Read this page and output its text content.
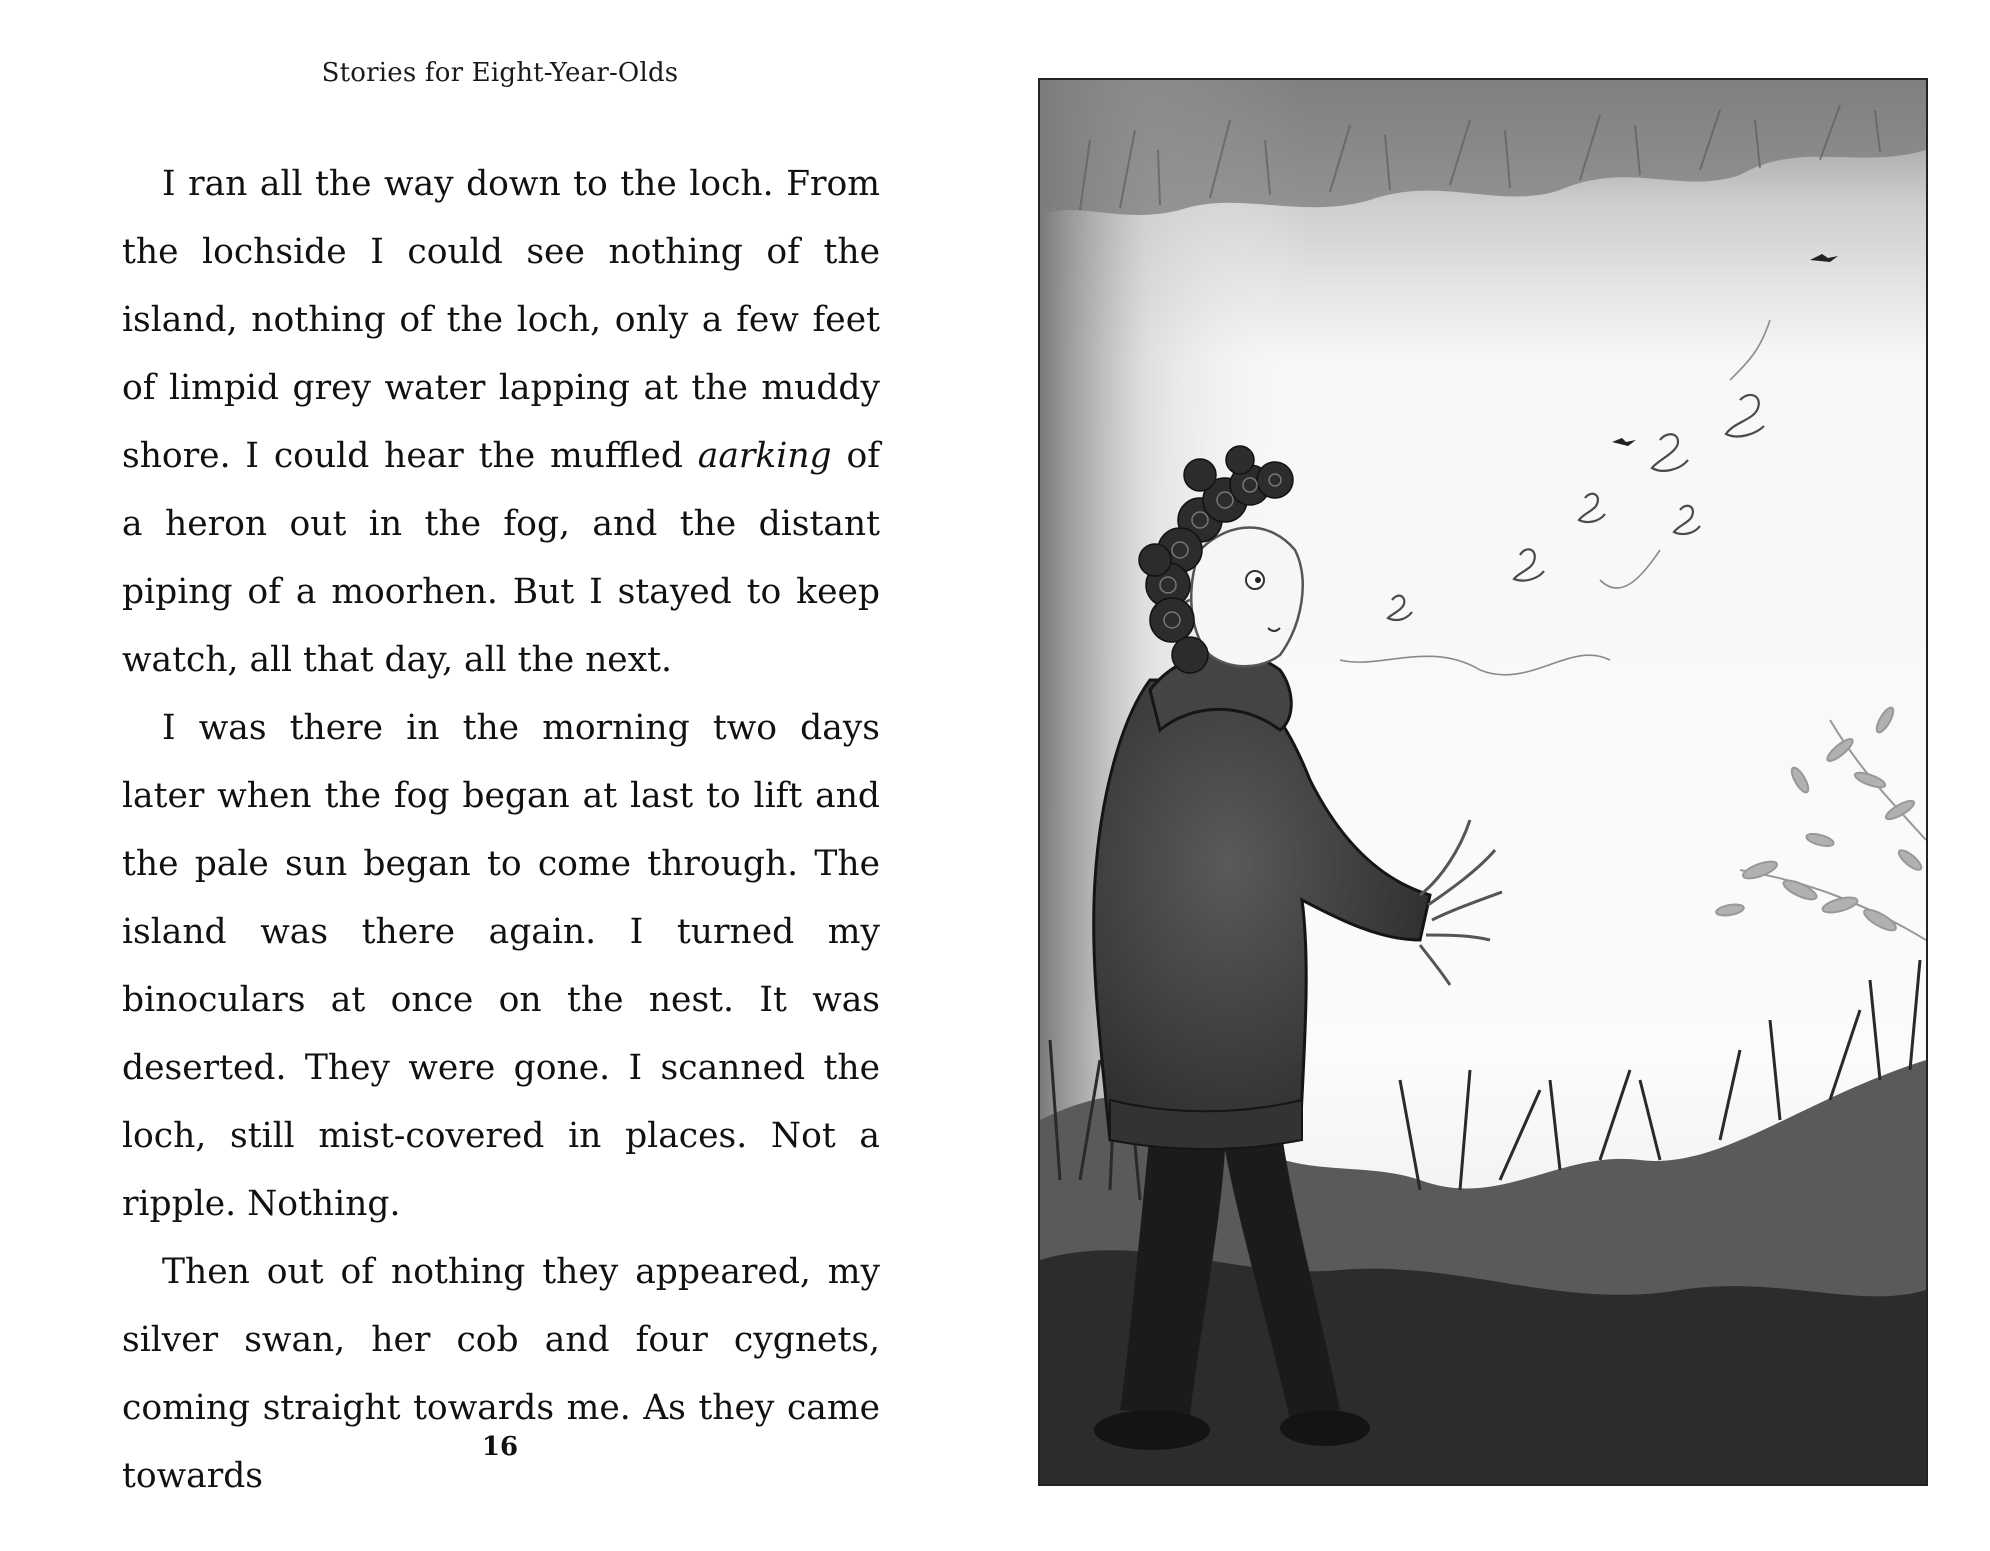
Stories for Eight-Year-Olds

I ran all the way down to the loch. From the lochside I could see nothing of the island, nothing of the loch, only a few feet of limpid grey water lapping at the muddy shore. I could hear the muffled aarking of a heron out in the fog, and the distant piping of a moorhen. But I stayed to keep watch, all that day, all the next.

I was there in the morning two days later when the fog began at last to lift and the pale sun began to come through. The island was there again. I turned my binoculars at once on the nest. It was deserted. They were gone. I scanned the loch, still mist-covered in places. Not a ripple. Nothing.

Then out of nothing they appeared, my silver swan, her cob and four cygnets, coming straight towards me. As they came towards

16
